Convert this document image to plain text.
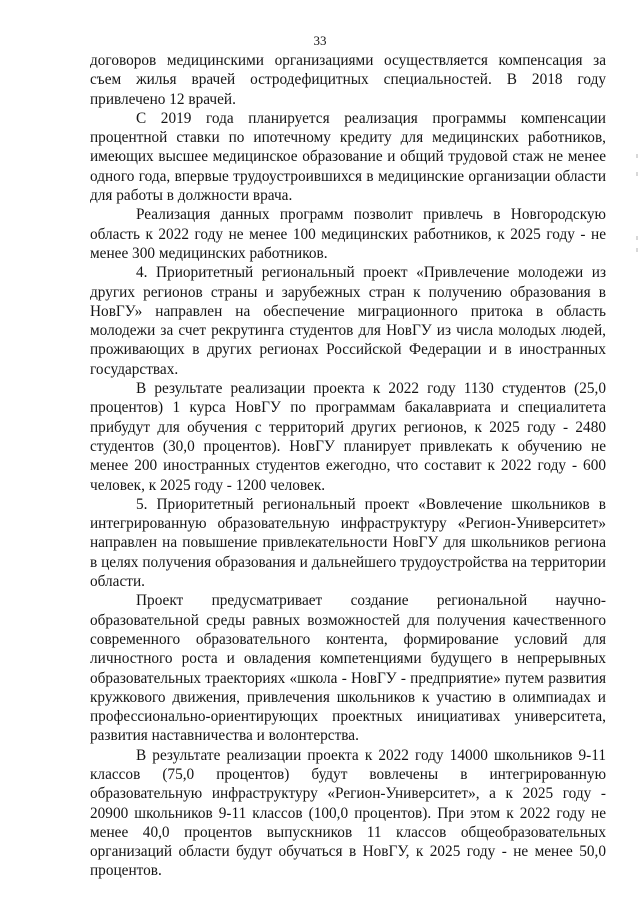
33

договоров медицинскими организациями осуществляется компенсация за съем жилья врачей остродефицитных специальностей. В 2018 году привлечено 12 врачей.

С 2019 года планируется реализация программы компенсации процентной ставки по ипотечному кредиту для медицинских работников, имеющих высшее медицинское образование и общий трудовой стаж не менее одного года, впервые трудоустроившихся в медицинские организации области для работы в должности врача.

Реализация данных программ позволит привлечь в Новгородскую область к 2022 году не менее 100 медицинских работников, к 2025 году - не менее 300 медицинских работников.

4. Приоритетный региональный проект «Привлечение молодежи из других регионов страны и зарубежных стран к получению образования в НовГУ» направлен на обеспечение миграционного притока в область молодежи за счет рекрутинга студентов для НовГУ из числа молодых людей, проживающих в других регионах Российской Федерации и в иностранных государствах.

В результате реализации проекта к 2022 году 1130 студентов (25,0 процентов) 1 курса НовГУ по программам бакалавриата и специалитета прибудут для обучения с территорий других регионов, к 2025 году - 2480 студентов (30,0 процентов). НовГУ планирует привлекать к обучению не менее 200 иностранных студентов ежегодно, что составит к 2022 году - 600 человек, к 2025 году - 1200 человек.

5. Приоритетный региональный проект «Вовлечение школьников в интегрированную образовательную инфраструктуру «Регион-Университет» направлен на повышение привлекательности НовГУ для школьников региона в целях получения образования и дальнейшего трудоустройства на территории области.

Проект предусматривает создание региональной научно-образовательной среды равных возможностей для получения качественного современного образовательного контента, формирование условий для личностного роста и овладения компетенциями будущего в непрерывных образовательных траекториях «школа - НовГУ - предприятие» путем развития кружкового движения, привлечения школьников к участию в олимпиадах и профессионально-ориентирующих проектных инициативах университета, развития наставничества и волонтерства.

В результате реализации проекта к 2022 году 14000 школьников 9-11 классов (75,0 процентов) будут вовлечены в интегрированную образовательную инфраструктуру «Регион-Университет», а к 2025 году - 20900 школьников 9-11 классов (100,0 процентов). При этом к 2022 году не менее 40,0 процентов выпускников 11 классов общеобразовательных организаций области будут обучаться в НовГУ, к 2025 году - не менее 50,0 процентов.
